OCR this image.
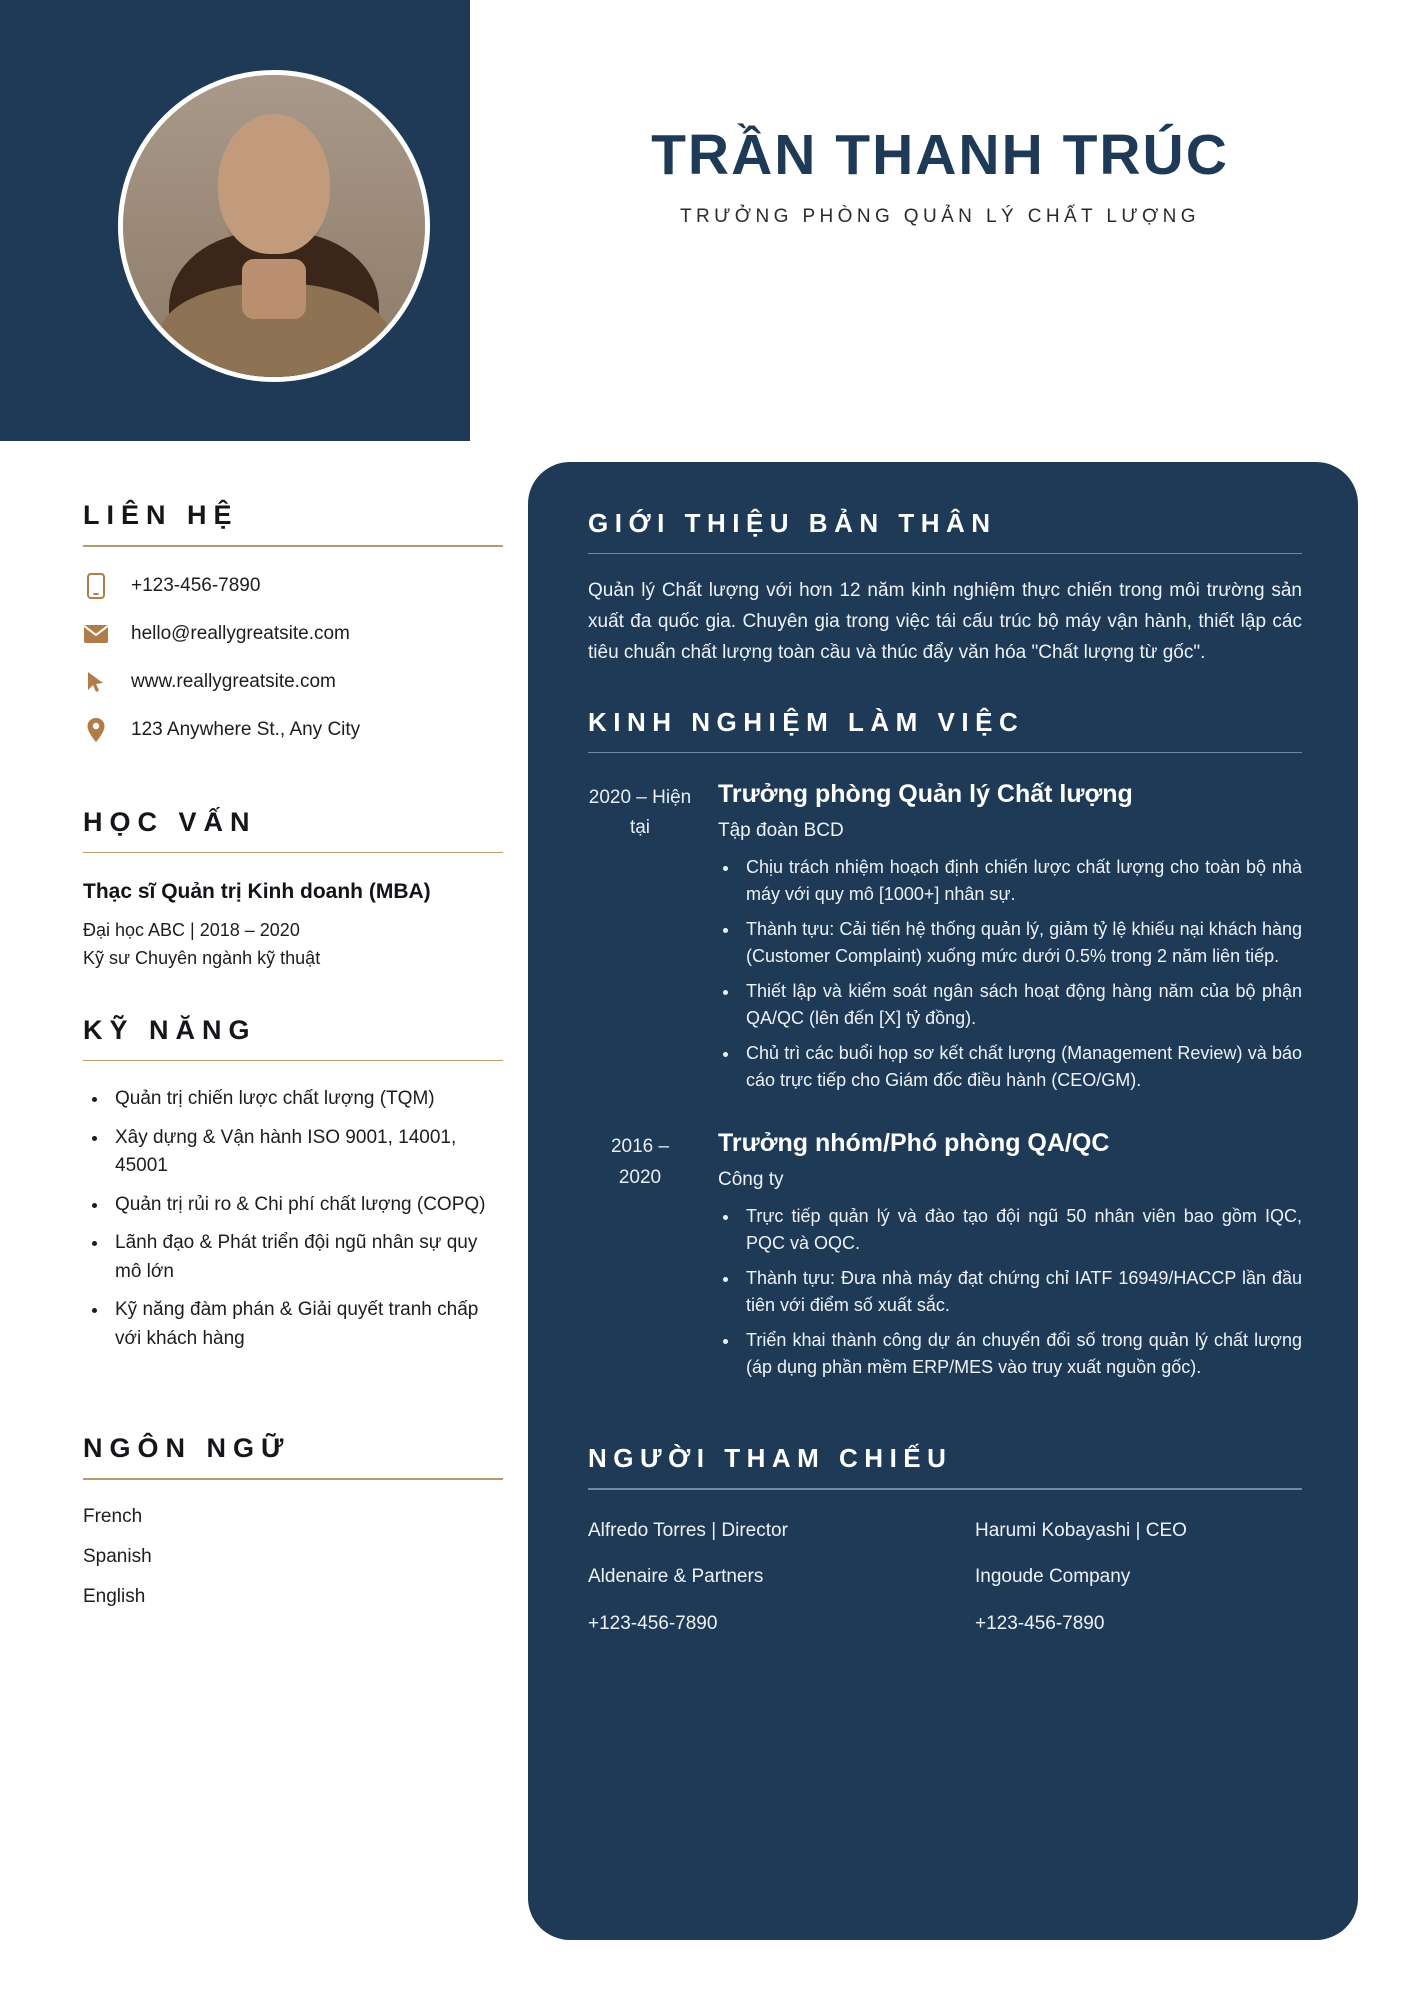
TRẦN THANH TRÚC
TRƯỞNG PHÒNG QUẢN LÝ CHẤT LƯỢNG
LIÊN HỆ
+123-456-7890
hello@reallygreatsite.com
www.reallygreatsite.com
123 Anywhere St., Any City
HỌC VẤN
Thạc sĩ Quản trị Kinh doanh (MBA)
Đại học ABC | 2018 – 2020
Kỹ sư Chuyên ngành kỹ thuật
KỸ NĂNG
• Quản trị chiến lược chất lượng (TQM)
• Xây dựng & Vận hành ISO 9001, 14001, 45001
• Quản trị rủi ro & Chi phí chất lượng (COPQ)
• Lãnh đạo & Phát triển đội ngũ nhân sự quy mô lớn
• Kỹ năng đàm phán & Giải quyết tranh chấp với khách hàng
NGÔN NGỮ
French
Spanish
English
GIỚI THIỆU BẢN THÂN
Quản lý Chất lượng với hơn 12 năm kinh nghiệm thực chiến trong môi trường sản xuất đa quốc gia. Chuyên gia trong việc tái cấu trúc bộ máy vận hành, thiết lập các tiêu chuẩn chất lượng toàn cầu và thúc đẩy văn hóa "Chất lượng từ gốc".
KINH NGHIỆM LÀM VIỆC
2020 – Hiện tại
Trưởng phòng Quản lý Chất lượng
Tập đoàn BCD
• Chịu trách nhiệm hoạch định chiến lược chất lượng cho toàn bộ nhà máy với quy mô [1000+] nhân sự.
• Thành tựu: Cải tiến hệ thống quản lý, giảm tỷ lệ khiếu nại khách hàng (Customer Complaint) xuống mức dưới 0.5% trong 2 năm liên tiếp.
• Thiết lập và kiểm soát ngân sách hoạt động hàng năm của bộ phận QA/QC (lên đến [X] tỷ đồng).
• Chủ trì các buổi họp sơ kết chất lượng (Management Review) và báo cáo trực tiếp cho Giám đốc điều hành (CEO/GM).
2016 – 2020
Trưởng nhóm/Phó phòng QA/QC
Công ty
• Trực tiếp quản lý và đào tạo đội ngũ 50 nhân viên bao gồm IQC, PQC và OQC.
• Thành tựu: Đưa nhà máy đạt chứng chỉ IATF 16949/HACCP lần đầu tiên với điểm số xuất sắc.
• Triển khai thành công dự án chuyển đổi số trong quản lý chất lượng (áp dụng phần mềm ERP/MES vào truy xuất nguồn gốc).
NGƯỜI THAM CHIẾU
Alfredo Torres | Director
Aldenaire & Partners
+123-456-7890
Harumi Kobayashi | CEO
Ingoude Company
+123-456-7890
